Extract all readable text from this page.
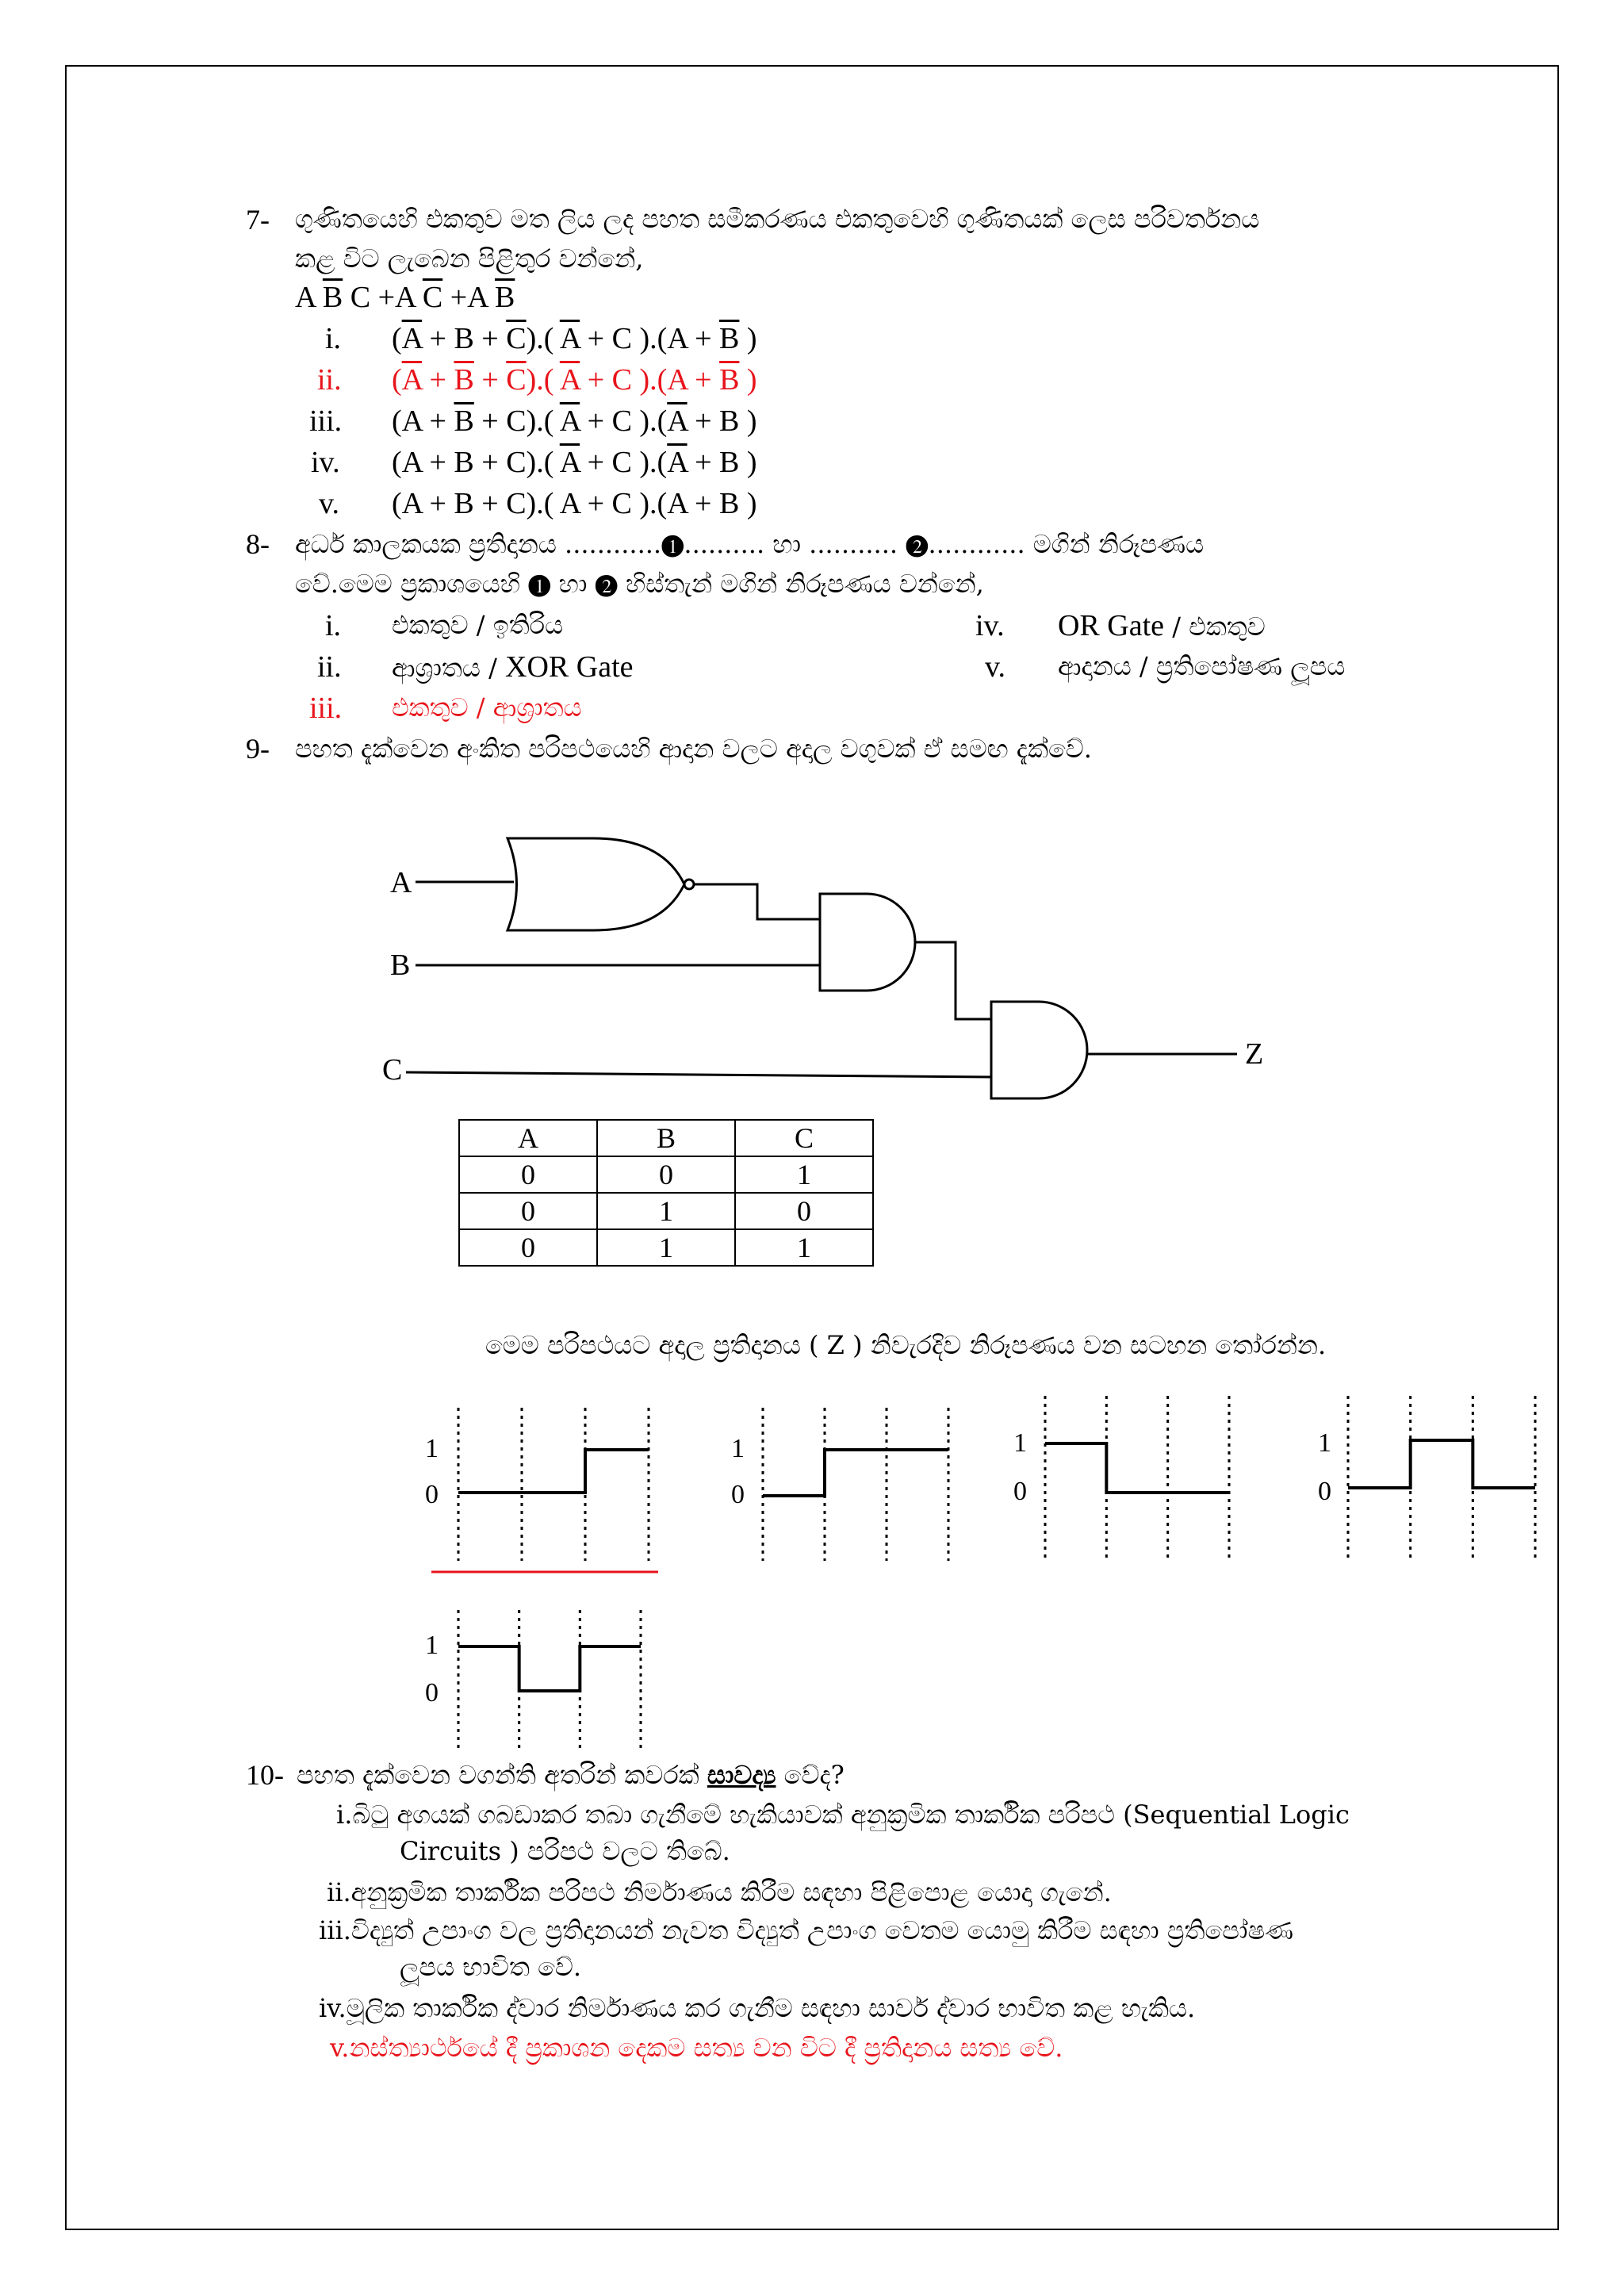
7- ගුණිතයෙහි එකතුව මත ලිය ලද පහත සමීකරණය එකතුවෙහි ගුණිතයක් ලෙස පරිවර්තනය
කළ විට ලැබෙන පිළිතුර වන්නේ,
A $\overline{B}$ C +A $\overline{C} +A$ $\overline{B}$
i. $(\overline{A} + B + \overline{C})$.( $\overline{A} + C$ )$.(A + \overline{B}$ )
ii. $(\overline{A} + \overline{B} + \overline{C})$.( $\overline{A} + C$ )$.(A + \overline{B}$ )
iii. $(A + \overline{B} + C)$.( $\overline{A} + C$ )$.(\overline{A} + B$ )
iv. (A + B + C).( $\overline{A} + C$ )$.(\overline{A} + B$ )
v. (A + B + C).( A + C ).(A + B )
8- අර්ධ කාලකයක ප්‍රතිදානය ............❶.......... හා ........... ❷............ මගින් නිරූපණය
වේ.මෙම ප්‍රකාශයෙහි ❶ හා ❷ හිස්තැන් මගින් නිරූපණය වන්නේ,
i. එකතුව / ඉතිරිය
ii. ආශ්‍රාතය / XOR Gate
iii. එකතුව / ආශ්‍රාතය
iv. OR Gate / එකතුව
v. ආදානය / ප්‍රතිපෝෂණ ලූපය
9- පහත දැක්වෙන අංකිත පරිපථයෙහි ආදාන වලට අදාල වගුවක් ඒ සමඟ දැක්වේ.
A
B
C	Z
A	B	C
0	0	1
0	1	0
0	1	1
මෙම පරිපථයට අදාල ප්‍රතිදානය ( Z ) නිවැරදිව නිරූපණය වන සටහන තෝරන්න.
1
0
1
0
1
0
1
0
1
0
10- පහත දැක්වෙන වගන්ති අතරින් කවරක් සාවද්‍ය වේද?
i.බිටු අගයක් ගබඩාකර තබා ගැනීමේ හැකියාවක් අනුක්‍රමික තාර්කික පරිපථ (Sequential Logic
Circuits ) පරිපථ වලට තිබේ.
ii.අනුක්‍රමික තාර්කික පරිපථ නිර්මාණය කිරීම සඳහා පිළිපොළ යොදා ගැනේ.
iii.විද්‍යුත් උපාංග වල ප්‍රතිදානයන් නැවත විද්‍යුත් උපාංග වෙතම යොමු කිරීම සඳහා ප්‍රතිපෝෂණ
ලූපය භාවිත වේ.
iv.මූලික තාර්කික ද්වාර නිර්මාණය කර ගැනීම සඳහා සාර්ව ද්වාර භාවිත කළ හැකිය.
v.නස්ත්‍යාර්ථයේ දී ප්‍රකාශන දෙකම සත්‍ය වන විට දී ප්‍රතිදානය සත්‍ය වේ.
